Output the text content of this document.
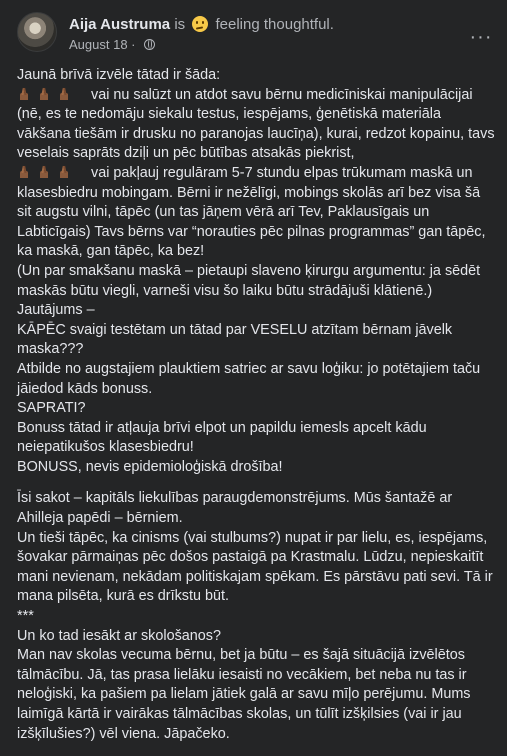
Aija Austruma is feeling thoughtful.
August 18 ·	···

Jaunā brīvā izvēle tātad ir šāda:
vai nu salūzt un atdot savu bērnu medicīniskai manipulācijai (nē, es te nedomāju siekalu testus, iespējams, ģenētiskā materiāla vākšana tiešām ir drusku no paranojas laucīņa), kurai, redzot kopainu, tavs veselais saprāts dziļi un pēc būtības atsakās piekrist,
vai pakļauj regulāram 5-7 stundu elpas trūkumam maskā un klasesbiedru mobingam. Bērni ir nežēlīgi, mobings skolās arī bez visa šā sit augstu vilni, tāpēc (un tas jāņem vērā arī Tev, Paklausīgais un Labticīgais) Tavs bērns var “norauties pēc pilnas programmas” gan tāpēc, ka maskā, gan tāpēc, ka bez!
(Un par smakšanu maskā – pietaupi slaveno ķirurgu argumentu: ja sēdēt maskās būtu viegli, varneši visu šo laiku būtu strādājuši klātienē.)
Jautājums –
KĀPĒC svaigi testētam un tātad par VESELU atzītam bērnam jāvelk maska???
Atbilde no augstajiem plauktiem satriec ar savu loģiku: jo potētajiem taču jāiedod kāds bonuss.
SAPRATI?
Bonuss tātad ir atļauja brīvi elpot un papildu iemesls apcelt kādu neiepatikušos klasesbiedru!
BONUSS, nevis epidemioloģiskā drošība!

Īsi sakot – kapitāls liekulības paraugdemonstrējums. Mūs šantažē ar Ahilleja papēdi – bērniem.
Un tieši tāpēc, ka cinisms (vai stulbums?) nupat ir par lielu, es, iespējams, šovakar pārmaiņas pēc došos pastaigā pa Krastmalu. Lūdzu, nepieskaitīt mani nevienam, nekādam politiskajam spēkam. Es pārstāvu pati sevi. Tā ir mana pilsēta, kurā es drīkstu būt.
***
Un ko tad iesākt ar skološanos?
Man nav skolas vecuma bērnu, bet ja būtu – es šajā situācijā izvēlētos tālmācību. Jā, tas prasa lielāku iesaisti no vecākiem, bet neba nu tas ir neloģiski, ka pašiem pa lielam jātiek galā ar savu mīļo perējumu. Mums laimīgā kārtā ir vairākas tālmācības skolas, un tūlīt izšķilsies (vai ir jau izšķīlušies?) vēl viena. Jāpačeko.
